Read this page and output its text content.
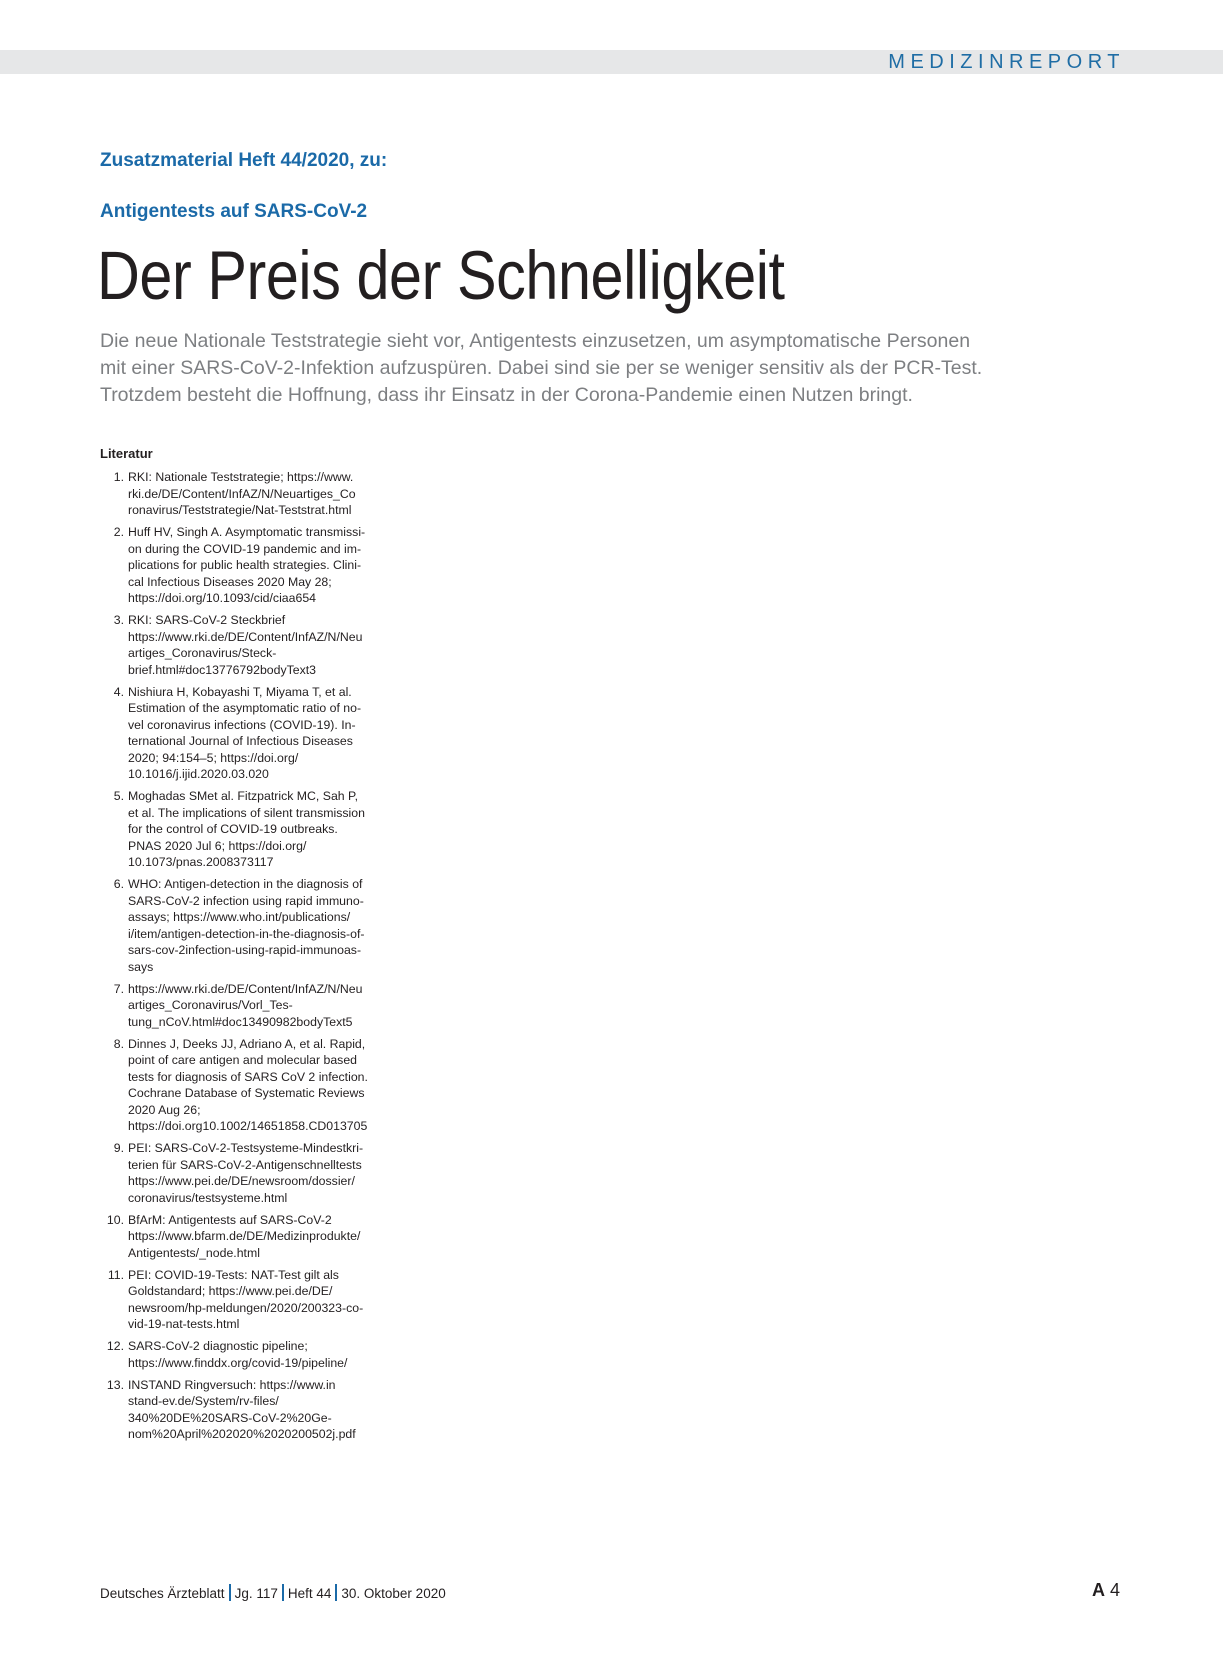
MEDIZINREPORT
Zusatzmaterial Heft 44/2020, zu:
Antigentests auf SARS-CoV-2
Der Preis der Schnelligkeit

Die neue Nationale Teststrategie sieht vor, Antigentests einzusetzen, um asymptomatische Personen

mit einer SARS-CoV-2-Infektion aufzuspüren. Dabei sind sie per se weniger sensitiv als der PCR-Test.

Trotzdem besteht die Hoffnung, dass ihr Einsatz in der Corona-Pandemie einen Nutzen bringt.

Literatur
1. RKI: Nationale Teststrategie; https://www.
rki.de/DE/Content/InfAZ/N/Neuartiges_Co
ronavirus/Teststrategie/Nat-Teststrat.html
2. Huff HV, Singh A. Asymptomatic transmissi-
on during the COVID-19 pandemic and im-
plications for public health strategies. Clini-
cal Infectious Diseases 2020 May 28;
https://doi.org/10.1093/cid/ciaa654
3. RKI: SARS-CoV-2 Steckbrief
https://www.rki.de/DE/Content/InfAZ/N/Neu
artiges_Coronavirus/Steck-
brief.html#doc13776792bodyText3
4. Nishiura H, Kobayashi T, Miyama T, et al.
Estimation of the asymptomatic ratio of no-
vel coronavirus infections (COVID-19). In-
ternational Journal of Infectious Diseases
2020; 94:154–5; https://doi.org/
10.1016/j.ijid.2020.03.020
5. Moghadas SMet al. Fitzpatrick MC, Sah P,
et al. The implications of silent transmission
for the control of COVID-19 outbreaks.
PNAS 2020 Jul 6; https://doi.org/
10.1073/pnas.2008373117
6. WHO: Antigen-detection in the diagnosis of
SARS-CoV-2 infection using rapid immuno-
assays; https://www.who.int/publications/
i/item/antigen-detection-in-the-diagnosis-of-
sars-cov-2infection-using-rapid-immunoas-
says
7. https://www.rki.de/DE/Content/InfAZ/N/Neu
artiges_Coronavirus/Vorl_Tes-
tung_nCoV.html#doc13490982bodyText5
8. Dinnes J, Deeks JJ, Adriano A, et al. Rapid,
point of care antigen and molecular based
tests for diagnosis of SARS CoV 2 infection.
Cochrane Database of Systematic Reviews
2020 Aug 26;
https://doi.org10.1002/14651858.CD013705
9. PEI: SARS-CoV-2-Testsysteme-Mindestkri-
terien für SARS-CoV-2-Antigenschnelltests
https://www.pei.de/DE/newsroom/dossier/
coronavirus/testsysteme.html
10. BfArM: Antigentests auf SARS-CoV-2
https://www.bfarm.de/DE/Medizinprodukte/
Antigentests/_node.html
11. PEI: COVID-19-Tests: NAT-Test gilt als
Goldstandard; https://www.pei.de/DE/
newsroom/hp-meldungen/2020/200323-co-
vid-19-nat-tests.html
12. SARS-CoV-2 diagnostic pipeline;
https://www.finddx.org/covid-19/pipeline/
13. INSTAND Ringversuch: https://www.in
stand-ev.de/System/rv-files/
340%20DE%20SARS-CoV-2%20Ge-
nom%20April%202020%2020200502j.pdf
Deutsches Ärzteblatt Jg. 117 Heft 44 30. Oktober 2020	A 4
